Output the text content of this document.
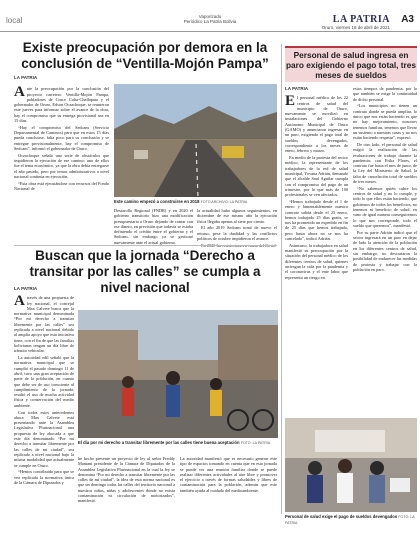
local	Vaporizado
Periódico La Patria Bolivia	LA PATRIA
Oruro, viernes 16 de abril de 2021
A3
Existe preocupación por demora en la conclusión de “Ventilla-Mojón Pampa”
LA PATRIA
A nte la preocupación por la conclusión del proyecto carretero Ventilla-Mojón Pampa, pobladores de Cruce Culta-Challapata y el gobernador de Oruro, Edson Oczachoque, se reunieron este jueves para informar sobre el avance de la obra, hay el compromiso que su entrega provisional sea en 15 días.

“Hay el compromiso del Sedcam (Servicio Departamental de Caminos) para que en estos 15 días pueda concluirse, falta poco para su conclusión y se entregue provisionalmente, hay el compromiso de Sedcam”, informó el gobernador de Oruro.

Oczachoque señaló una serie de obstáculos que impidieron la ejecución de ese camino; uno de ellos fue el tema económico, ya que la obra debía entregarse el año pasado, pero por temas administrativos a nivel nacional continúa en ejecución.

“Esta obra está ejecutándose con recursos del Fondo Nacional de

Este camino empezó a construirse en 2018 FOTO ARCHIVO: LA PATRIA

Desarrollo Regional (FNDR) y en 2020 el gobierno transitorio hizo una modificación presupuestaria a Oruro dejando de contar con ese dinero, en previsión que todavía se estaba definiendo el crédito entre el gobierno y el Sedcam, sin embargo ya se gestionó nuevamente ante el actual gobierno.

la actualidad hubo algunos seguimientos, en diciembre de ese mismo año la ejecución física llegaba apenas al siete por ciento.

El año 2019 Sedcam tomó de nuevo el retraso; pese la dualidad y las conflictos políticos de octubre impidieron el avance.

Personal de salud ingresa en paro exigiendo el pago total, tres meses de sueldos
LA PATRIA
E l personal médico de los 22 centros de salud del municipio de Oruro, nuevamente se movilizó en instalaciones del Gobierno Autónomo Municipal de Oruro (GAMO) y anunciaron ingresar en un paro, exigiendo el pago total de sueldos devengados, correspondiente a los meses de enero, febrero y marzo.

En medio de la protesta del sector médico, la representante de los trabajadores de la red de salud municipal, Yovana Adrián, demandó que el alcalde Saul Aguilar cumpla con el compromiso del pago de un trimestre, por lo que más de 100 profesionales se ven afectados.

“Hemos trabajado desde el 1 de enero y lamentablemente nuestro contrato salida desde el 25 enero, hemos trabajado 25 días gratis, se nos ha prometido un expedido en fin de 25 días que hemos trabajado, pero hasta ahora no se nos ha cancelado”, indicó Adrián.

Asimismo, la trabajadora en salud manifestó su preocupación por la situación del personal médico de los diferentes centros de salud, quienes arriesgan la vida por la pandemia y el coronavirus y el ente labor que representa un riesgo en

estos tiempos de pandemia, por lo que también se exige la continuidad de dicho personal.

“Los municipios no tienen un contrato donde se pueda ampliar, lo único que nos están haciendo es que no hay mejoramiento, nosotros tenemos familias, tenemos que llevar un sustento a nuestras casas y no nos están haciendo respetar”, expresó.

De otro lado, el personal de salud exigió la realización de las evaluaciones de trabajo durante la pandemia; con Erika Flores, el contrato fue hasta el mes de junio, de la Ley del Ministerio de Salud, la falta de cancelación total de sueldos de tres meses.

“No sabemos quién cubre los centros de salud y no lo cumple, y todo lo que ellos están haciendo, que gobiernos de todos los beneficios, no tenemos ni beneficio de salud, en vano de igual manera conseguiremos lo que nos corresponde, todo el sueldo que queremos”, manifestó.

Por su parte Adrián indicó que el sector ingresará en un paro en dejar de lado la atención de la población en los diferentes centros de salud, sin embargo, no descartaron la posibilidad de endurecer las medidas de protesta y trabajar con la población en paro.

Personal de salud exige el pago de sueldos devengados FOTO: LA PATRIA
Buscan que la jornada “Derecho a transitar por las calles” se cumpla a nivel nacional
LA PATRIA
A través de una propuesta de ley nacional, el concejal Max Calvete busca que la normativa municipal denominada “Por mi derecho a transitar libremente por las calles” sea replicada a nivel nacional debido al amplio apoyo que esta iniciativa tiene, con el fin de que las familias bolivianas tengan un día libre de tránsito vehicular.

La autoridad edil señaló que la normativa municipal que se cumplió el pasado domingo 11 de abril, tuvo una gran aceptación de parte de la población, en cuanto que debe ser de uso consciente al cumplimiento de la jornada, resaltó el uso de mucha actividad física y conservación del medio ambiente.

Con todos estos antecedentes ahora Max Calvete está presentando ante la Asamblea Legislativa Plurinacional una propuesta de ley abocada a que este día denominado “Por mi derecho a transitar libremente por las calles de mi ciudad”, sea replicado a nivel nacional bajo la misma modalidad que actualmente se cumple en Oruro.

“Hemos contribuido para que se vea replicada la normativa única de la Cámara de Diputados y

El día por mi derecho a transitar libremente por las calles tiene buena aceptación FOTO: LA PATRIA

he hecho presente un proyecto de ley al señor Freddy Mamani presidente de la Cámara de Diputados de la Asamblea Legislativa Plurinacional en la cual la ley se denomina “Por mi derecho a transitar libremente por las calles de mi ciudad”, la idea de esta norma nacional es que un domingo todas las calles del territorio nacional a nuestros niños, niñas y adolescentes donde no exista contaminación ni circulación de motorizados”, manifestó.

La autoridad manifestó que es necesario generar este tipo de espacios tomando en cuenta que en esta jornada se puede ver una reunión familiar donde se puede realizar diferentes actividades al aire libre y promover el ejercicio a través de formas saludables y libres de contaminación para la población, además que este también ayuda al cuidado del medioambiente.
